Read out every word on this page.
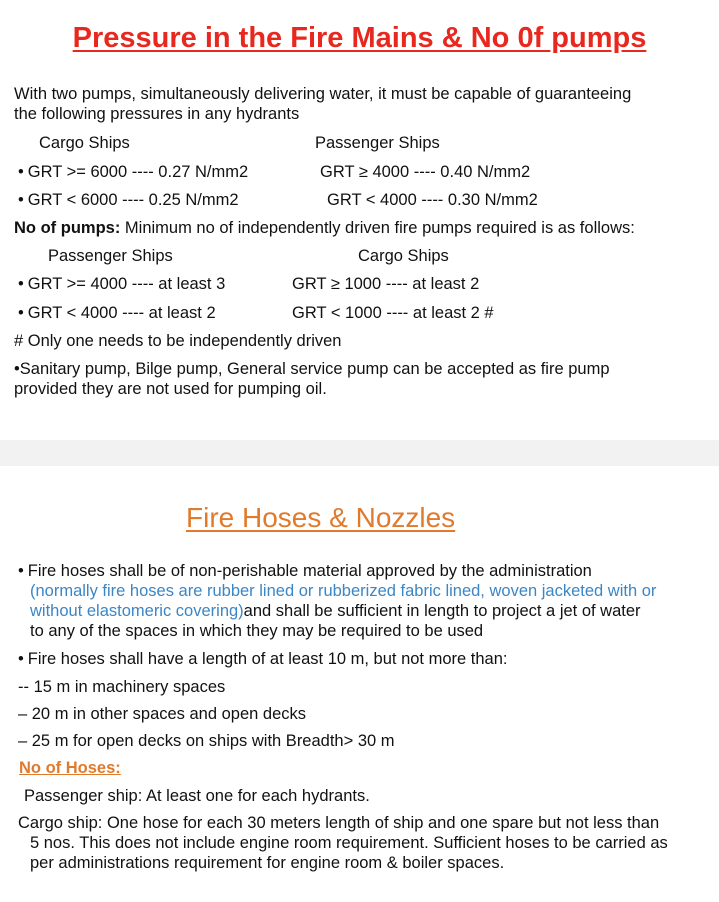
Pressure in the Fire Mains & No 0f pumps
With two pumps, simultaneously delivering water, it must be capable of guaranteeing
the following pressures in any hydrants
Cargo Ships	Passenger Ships
• GRT >= 6000 ---- 0.27 N/mm2	GRT ≥ 4000 ---- 0.40 N/mm2
• GRT < 6000 ---- 0.25 N/mm2	GRT < 4000 ---- 0.30 N/mm2
No of pumps: Minimum no of independently driven fire pumps required is as follows:
Passenger Ships	Cargo Ships
• GRT >= 4000 ---- at least 3	GRT ≥ 1000 ---- at least 2
• GRT < 4000 ---- at least 2	GRT < 1000 ---- at least 2 #
# Only one needs to be independently driven
•Sanitary pump, Bilge pump, General service pump can be accepted as fire pump
provided they are not used for pumping oil.
Fire Hoses & Nozzles
• Fire hoses shall be of non-perishable material approved by the administration
(normally fire hoses are rubber lined or rubberized fabric lined, woven jacketed with or
without elastomeric covering)and shall be sufficient in length to project a jet of water
to any of the spaces in which they may be required to be used
• Fire hoses shall have a length of at least 10 m, but not more than:
-- 15 m in machinery spaces
– 20 m in other spaces and open decks
– 25 m for open decks on ships with Breadth> 30 m
No of Hoses:
Passenger ship: At least one for each hydrants.
Cargo ship: One hose for each 30 meters length of ship and one spare but not less than
5 nos. This does not include engine room requirement. Sufficient hoses to be carried as
per administrations requirement for engine room & boiler spaces.
